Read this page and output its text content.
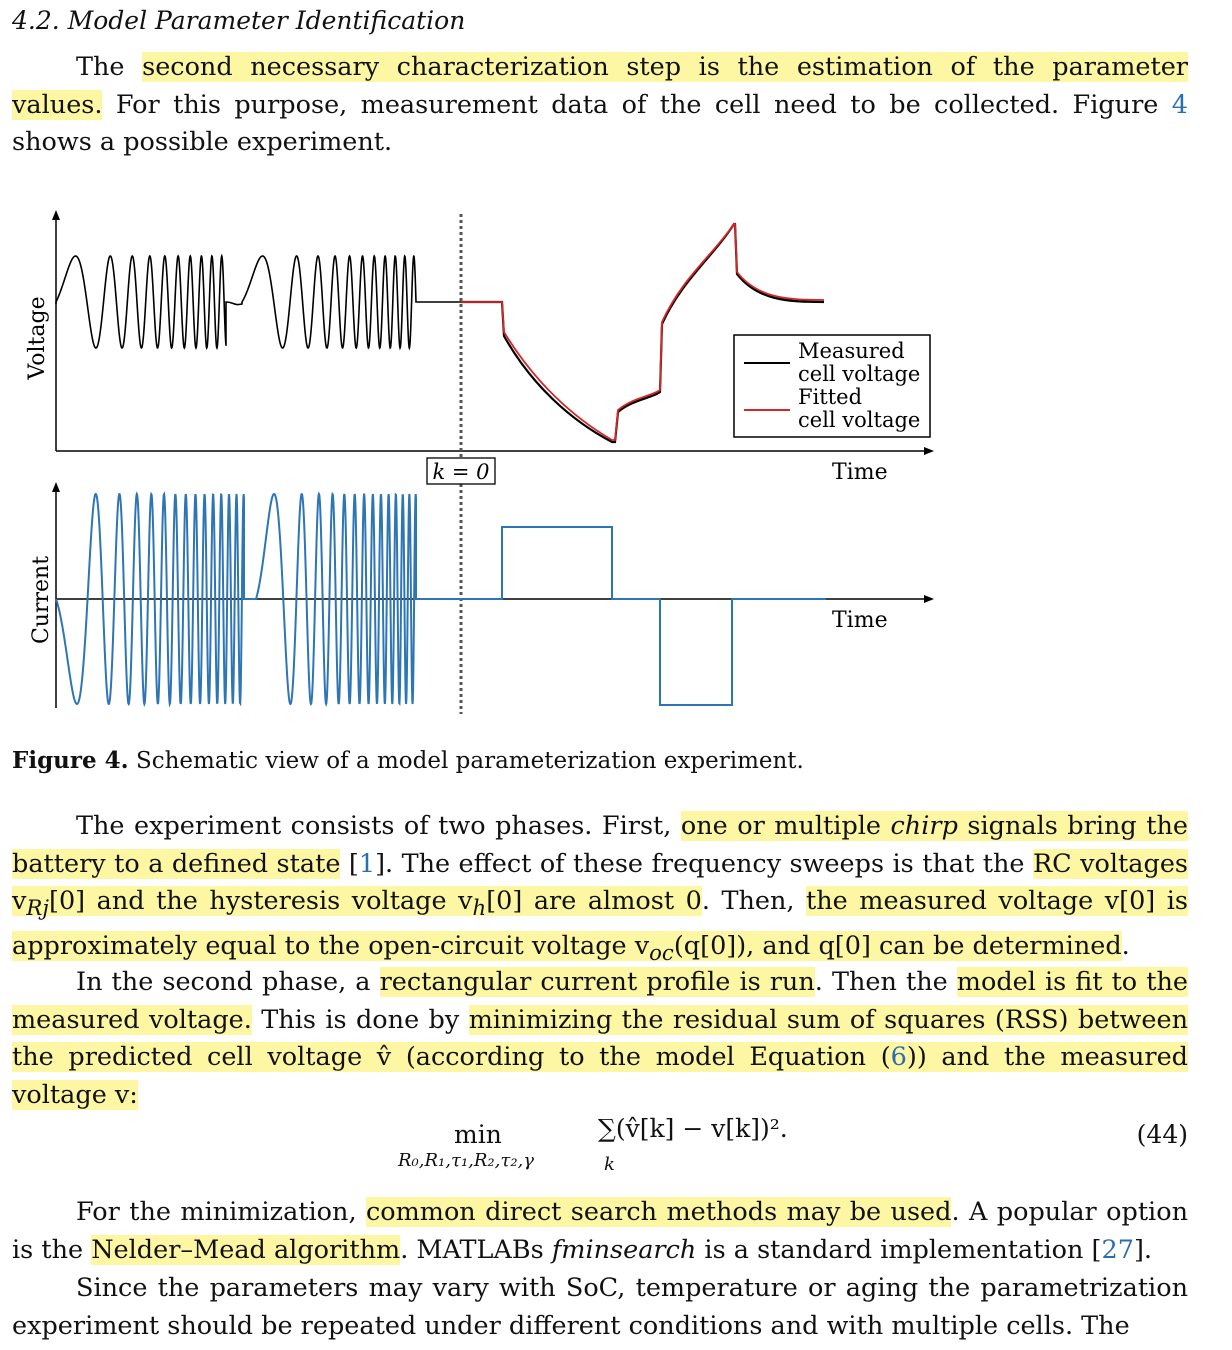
4.2. Model Parameter Identification
The second necessary characterization step is the estimation of the parameter values. For this purpose, measurement data of the cell need to be collected. Figure 4 shows a possible experiment.
Voltage
Time
Measured
cell voltage
Fitted
cell voltage
k = 0
Current	Time
Figure 4. Schematic view of a model parameterization experiment.
The experiment consists of two phases. First, one or multiple chirp signals bring the battery to a defined state [1]. The effect of these frequency sweeps is that the RC voltages $v_{Rj}[0]$ and the hysteresis voltage $v_h[0]$ are almost 0. Then, the measured voltage v[0] is approximately equal to the open-circuit voltage $v_{oc}(q[0])$, and q[0] can be determined.
In the second phase, a rectangular current profile is run. Then the model is fit to the measured voltage. This is done by minimizing the residual sum of squares (RSS) between the predicted cell voltage v̂ (according to the model Equation (6)) and the measured voltage v:
min
R₀,R₁,τ₁,R₂,τ₂,γ
∑(v̂[k] − v[k])².
k
(44)
For the minimization, common direct search methods may be used. A popular option is the Nelder–Mead algorithm. MATLABs fminsearch is a standard implementation [27].
Since the parameters may vary with SoC, temperature or aging the parametrization experiment should be repeated under different conditions and with multiple cells. The
